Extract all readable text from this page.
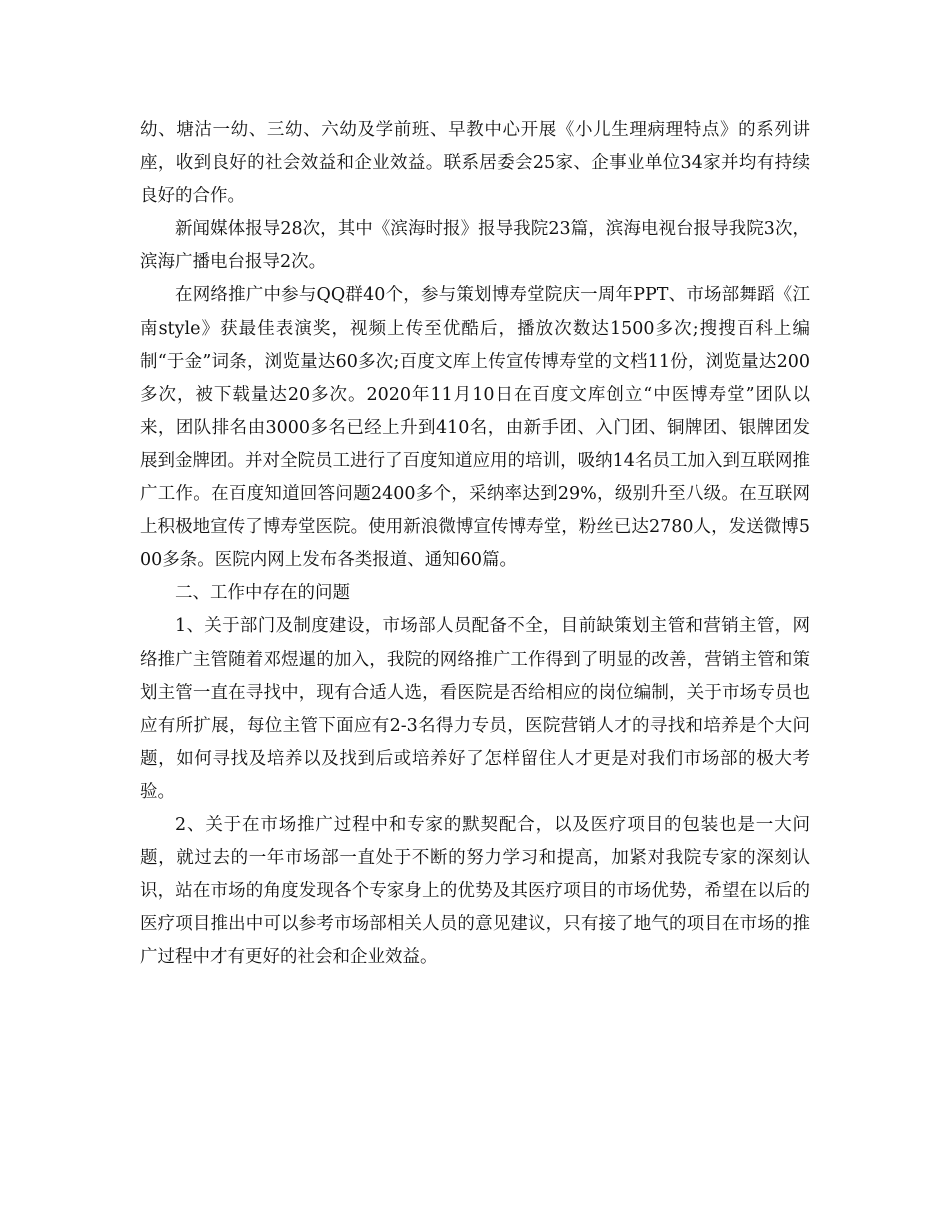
幼、塘沽一幼、三幼、六幼及学前班、早教中心开展《小儿生理病理特点》的系列讲座，收到良好的社会效益和企业效益。联系居委会25家、企事业单位34家并均有持续良好的合作。

新闻媒体报导28次，其中《滨海时报》报导我院23篇，滨海电视台报导我院3次，滨海广播电台报导2次。

在网络推广中参与QQ群40个，参与策划博寿堂院庆一周年PPT、市场部舞蹈《江南style》获最佳表演奖，视频上传至优酷后，播放次数达1500多次;搜搜百科上编制“于金”词条，浏览量达60多次;百度文库上传宣传博寿堂的文档11份，浏览量达200多次，被下载量达20多次。2020年11月10日在百度文库创立“中医博寿堂”团队以来，团队排名由3000多名已经上升到410名，由新手团、入门团、铜牌团、银牌团发展到金牌团。并对全院员工进行了百度知道应用的培训，吸纳14名员工加入到互联网推广工作。在百度知道回答问题2400多个，采纳率达到29%，级别升至八级。在互联网上积极地宣传了博寿堂医院。使用新浪微博宣传博寿堂，粉丝已达2780人，发送微博500多条。医院内网上发布各类报道、通知60篇。

二、工作中存在的问题

1、关于部门及制度建设，市场部人员配备不全，目前缺策划主管和营销主管，网络推广主管随着邓煜暹的加入，我院的网络推广工作得到了明显的改善，营销主管和策划主管一直在寻找中，现有合适人选，看医院是否给相应的岗位编制，关于市场专员也应有所扩展，每位主管下面应有2-3名得力专员，医院营销人才的寻找和培养是个大问题，如何寻找及培养以及找到后或培养好了怎样留住人才更是对我们市场部的极大考验。

2、关于在市场推广过程中和专家的默契配合，以及医疗项目的包装也是一大问题，就过去的一年市场部一直处于不断的努力学习和提高，加紧对我院专家的深刻认识，站在市场的角度发现各个专家身上的优势及其医疗项目的市场优势，希望在以后的医疗项目推出中可以参考市场部相关人员的意见建议，只有接了地气的项目在市场的推广过程中才有更好的社会和企业效益。
